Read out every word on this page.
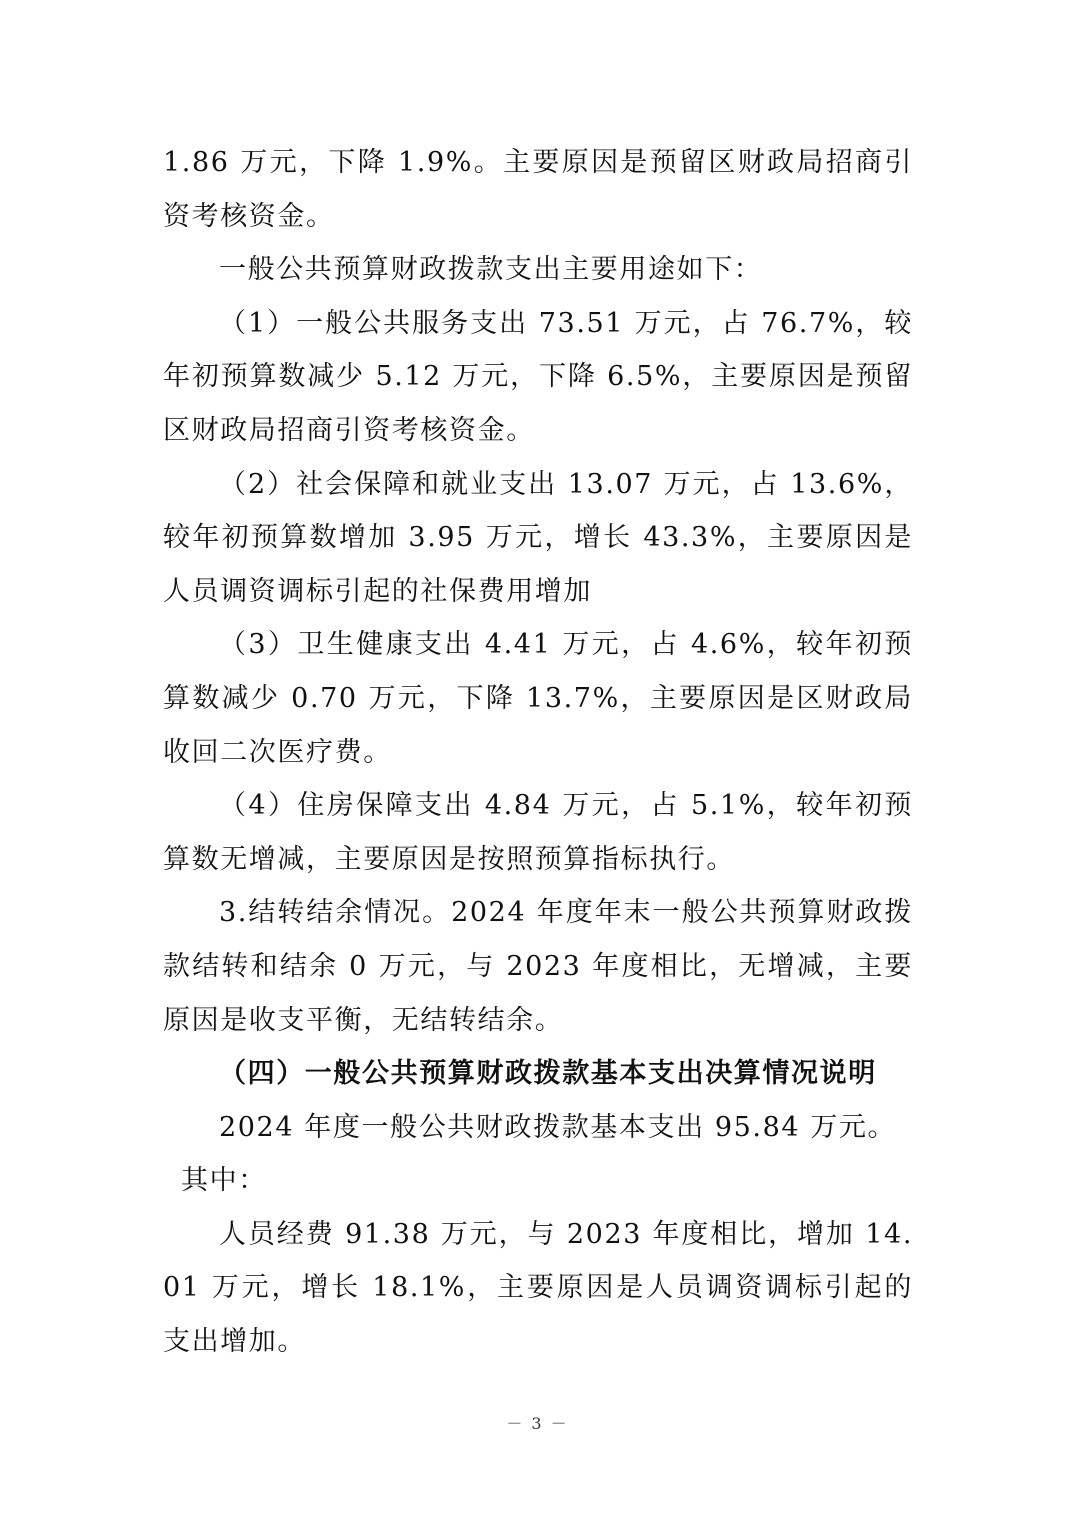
1.86 万元，下降 1.9%。主要原因是预留区财政局招商引资考核资金。

一般公共预算财政拨款支出主要用途如下：

（1）一般公共服务支出 73.51 万元，占 76.7%，较年初预算数减少 5.12 万元，下降 6.5%，主要原因是预留区财政局招商引资考核资金。

（2）社会保障和就业支出 13.07 万元，占 13.6%，较年初预算数增加 3.95 万元，增长 43.3%，主要原因是人员调资调标引起的社保费用增加

（3）卫生健康支出 4.41 万元，占 4.6%，较年初预算数减少 0.70 万元，下降 13.7%，主要原因是区财政局收回二次医疗费。

（4）住房保障支出 4.84 万元，占 5.1%，较年初预算数无增减，主要原因是按照预算指标执行。

3.结转结余情况。2024 年度年末一般公共预算财政拨款结转和结余 0 万元，与 2023 年度相比，无增减，主要原因是收支平衡，无结转结余。

（四）一般公共预算财政拨款基本支出决算情况说明

2024 年度一般公共财政拨款基本支出 95.84 万元。

其中：

人员经费 91.38 万元，与 2023 年度相比，增加 14.01 万元，增长 18.1%，主要原因是人员调资调标引起的支出增加。

－ 3 －
